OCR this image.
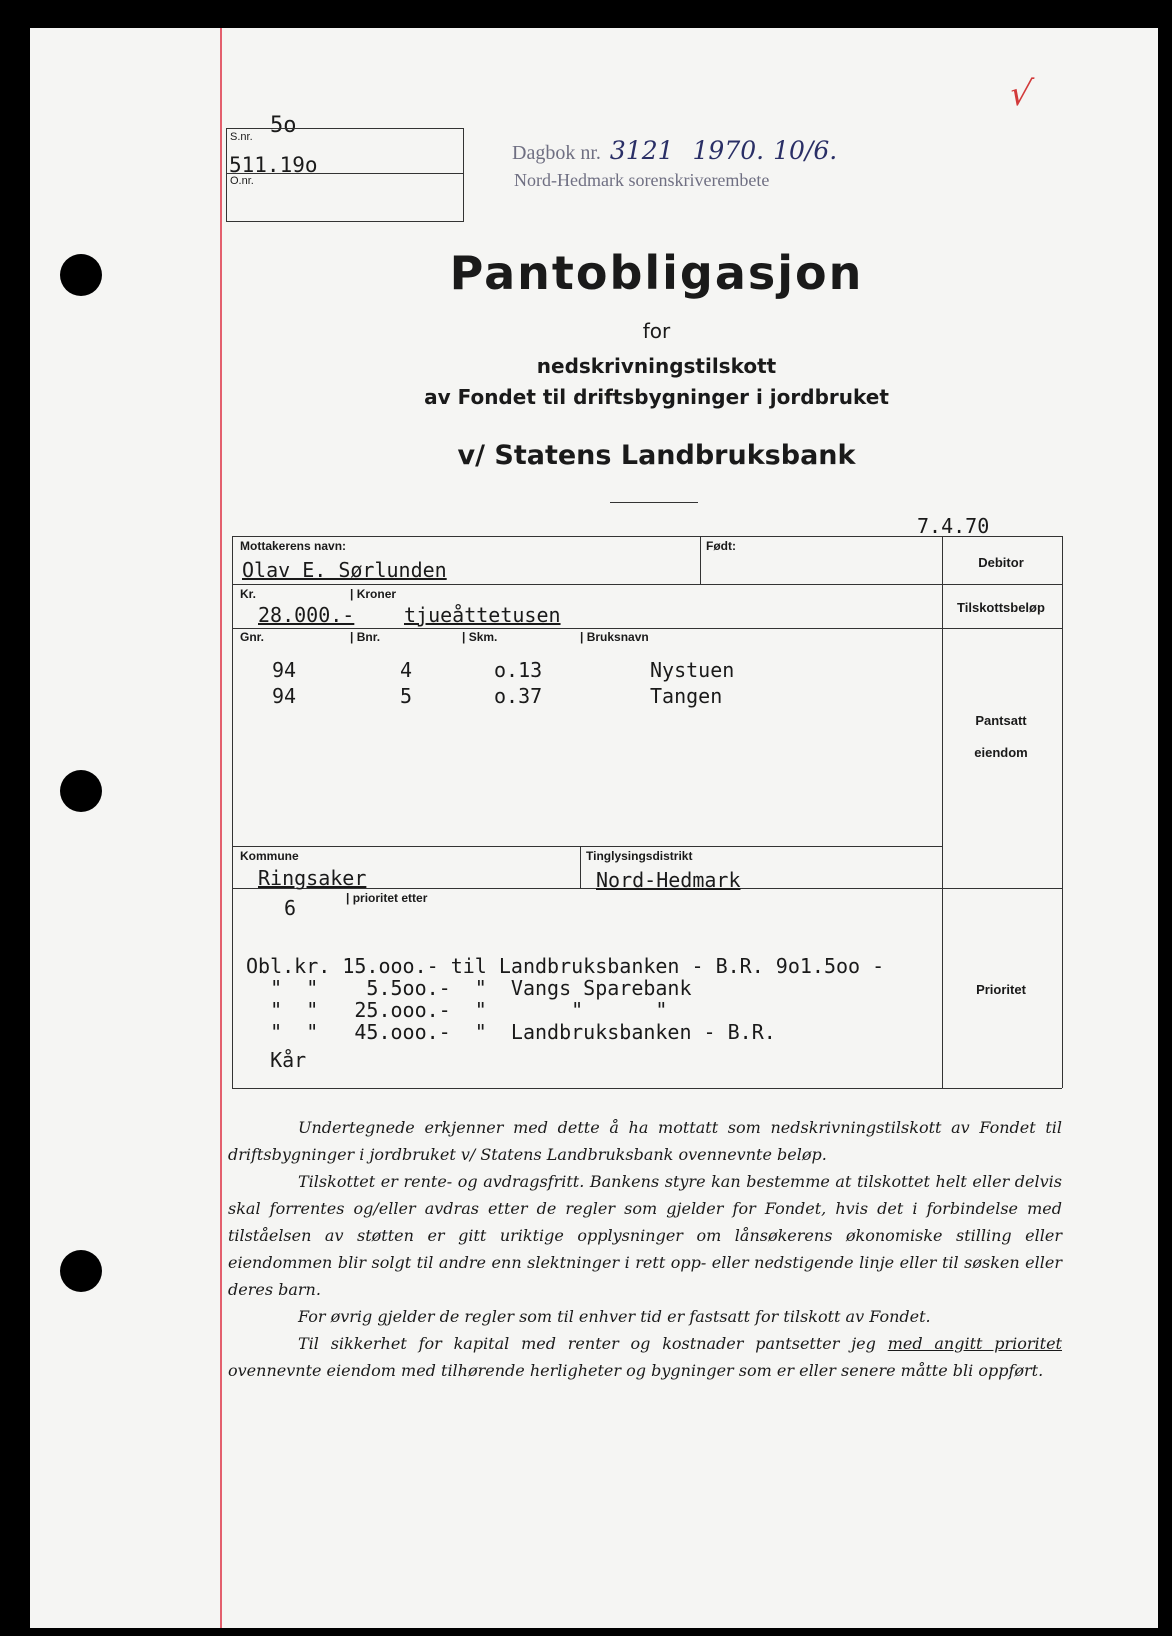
√
5o
S.nr.
511.19o
O.nr.
Dagbok nr. 3121 1970. 10/6.
Nord-Hedmark sorenskriverembete
Pantobligasjon
for
nedskrivningstilskott
av Fondet til driftsbygninger i jordbruket
v/ Statens Landbruksbank
7.4.70
Mottakerens navn:	Født:
Olav E. Sørlunden	Debitor
Kr.	| Kroner
28.000.- tjueåttetusen	Tilskottsbeløp
Gnr.	| Bnr.	| Skm.	| Bruksnavn
94	4	o.13	Nystuen
94	5	o.37	Tangen
Pantsatt
eiendom
Kommune	Tinglysingsdistrikt
Ringsaker	Nord-Hedmark
6	| prioritet etter
Obl.kr. 15.ooo.- til Landbruksbanken - B.R. 9o1.5oo -
"  "    5.5oo.-  "  Vangs Sparebank
"  "   25.ooo.-  "       "      "
"  "   45.ooo.-  "  Landbruksbanken - B.R.
Kår
Prioritet

Undertegnede erkjenner med dette å ha mottatt som nedskrivningstilskott av Fondet til driftsbygninger i jordbruket v/ Statens Landbruksbank ovennevnte beløp.

Tilskottet er rente- og avdragsfritt. Bankens styre kan bestemme at tilskottet helt eller delvis skal forrentes og/eller avdras etter de regler som gjelder for Fondet, hvis det i forbindelse med tilståelsen av støtten er gitt uriktige opplysninger om lånsøkerens økonomiske stilling eller eiendommen blir solgt til andre enn slektninger i rett opp- eller nedstigende linje eller til søsken eller deres barn.

For øvrig gjelder de regler som til enhver tid er fastsatt for tilskott av Fondet.

Til sikkerhet for kapital med renter og kostnader pantsetter jeg med angitt prioritet ovennevnte eiendom med tilhørende herligheter og bygninger som er eller senere måtte bli oppført.
